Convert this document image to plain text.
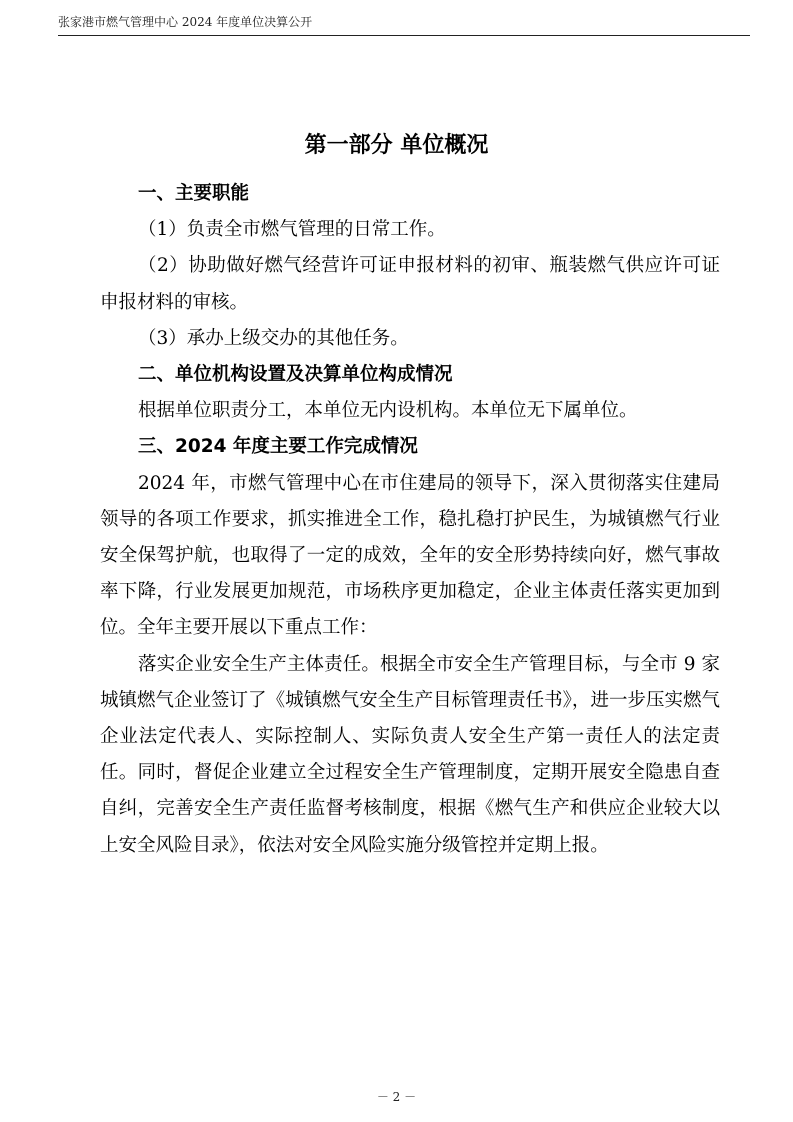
张家港市燃气管理中心 2024 年度单位决算公开
第一部分 单位概况
一、主要职能

（1）负责全市燃气管理的日常工作。

（2）协助做好燃气经营许可证申报材料的初审、瓶装燃气供应许可证申报材料的审核。

（3）承办上级交办的其他任务。

二、单位机构设置及决算单位构成情况

根据单位职责分工，本单位无内设机构。本单位无下属单位。

三、2024 年度主要工作完成情况

2024 年，市燃气管理中心在市住建局的领导下，深入贯彻落实住建局领导的各项工作要求，抓实推进全工作，稳扎稳打护民生，为城镇燃气行业安全保驾护航，也取得了一定的成效，全年的安全形势持续向好，燃气事故率下降，行业发展更加规范，市场秩序更加稳定，企业主体责任落实更加到位。全年主要开展以下重点工作：

落实企业安全生产主体责任。根据全市安全生产管理目标，与全市 9 家城镇燃气企业签订了《城镇燃气安全生产目标管理责任书》，进一步压实燃气企业法定代表人、实际控制人、实际负责人安全生产第一责任人的法定责任。同时，督促企业建立全过程安全生产管理制度，定期开展安全隐患自查自纠，完善安全生产责任监督考核制度，根据《燃气生产和供应企业较大以上安全风险目录》，依法对安全风险实施分级管控并定期上报。

－ 2 －
